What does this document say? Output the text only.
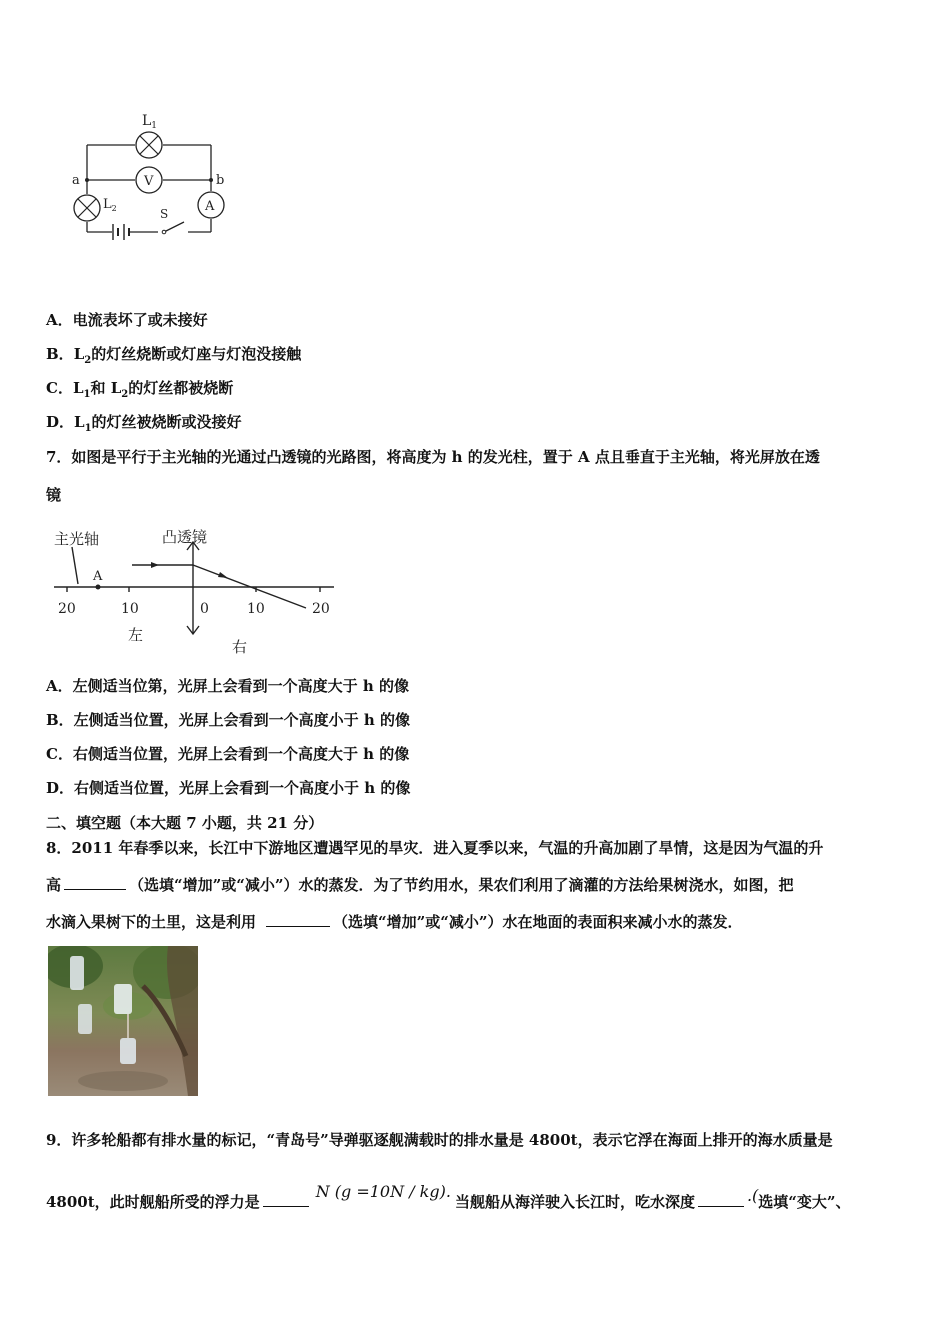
$L_1$
a	b
V
A
$L_2$	S
A．电流表坏了或未接好
B．$L_2$的灯丝烧断或灯座与灯泡没接触
C．$L_1$和 $L_2$的灯丝都被烧断
D．$L_1$的灯丝被烧断或没接好
7．如图是平行于主光轴的光通过凸透镜的光路图，将高度为 h 的发光柱，置于 A 点且垂直于主光轴，将光屏放在透
镜
主光轴	凸透镜
A
20	10	0	10	20
左
右
A．左侧适当位第，光屏上会看到一个高度大于 h 的像
B．左侧适当位置，光屏上会看到一个高度小于 h 的像
C．右侧适当位置，光屏上会看到一个高度大于 h 的像
D．右侧适当位置，光屏上会看到一个高度小于 h 的像
二、填空题（本大题 7 小题，共 21 分）
8．2011 年春季以来，长江中下游地区遭遇罕见的旱灾．进入夏季以来，气温的升高加剧了旱情，这是因为气温的升
高	（选填“增加”或“减小”）水的蒸发．为了节约用水，果农们利用了滴灌的方法给果树浇水，如图，把
水滴入果树下的土里，这是利用	（选填“增加”或“减小”）水在地面的表面积来减小水的蒸发．
9．许多轮船都有排水量的标记，“青岛号”导弹驱逐舰满载时的排水量是 4800t，表示它浮在海面上排开的海水质量是
4800t，此时舰船所受的浮力是N (g =10N / kg).当舰船从海洋驶入长江时，吃水深度	.(选填“变大”、
